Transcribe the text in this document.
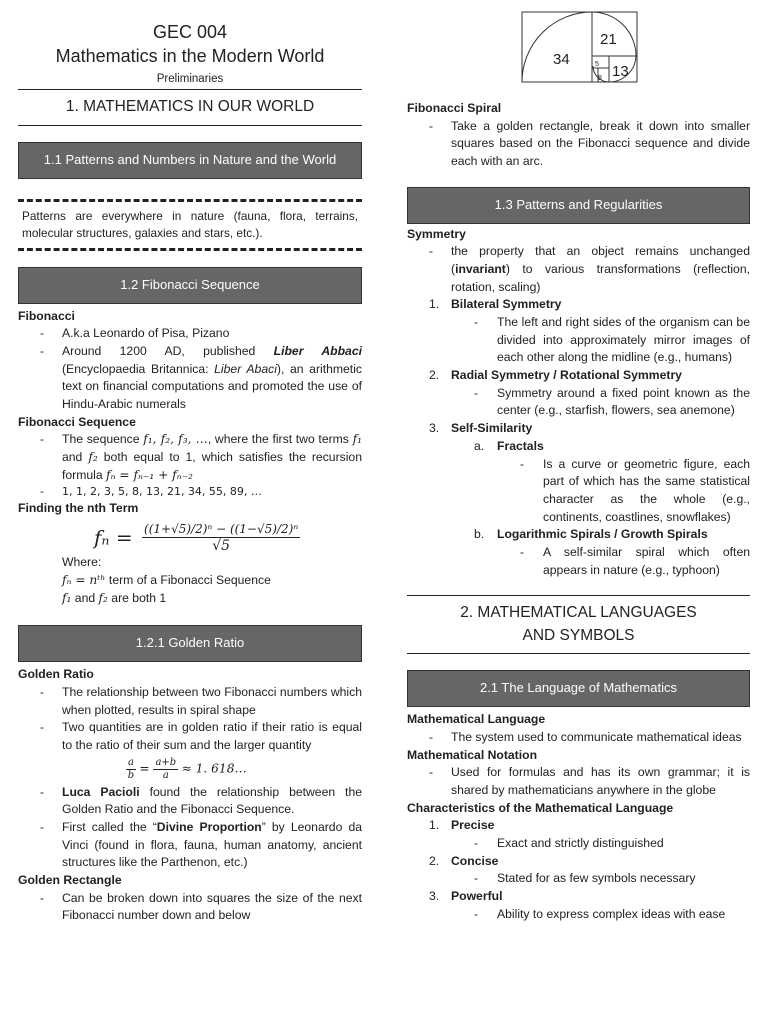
GEC 004
Mathematics in the Modern World
Preliminaries
1. MATHEMATICS IN OUR WORLD
1.1 Patterns and Numbers in Nature and the World
Patterns are everywhere in nature (fauna, flora, terrains, molecular structures, galaxies and stars, etc.).
1.2 Fibonacci Sequence
Fibonacci
- A.k.a Leonardo of Pisa, Pizano
- Around 1200 AD, published Liber Abbaci (Encyclopaedia Britannica: Liber Abaci), an arithmetic text on financial computations and promoted the use of Hindu-Arabic numerals
Fibonacci Sequence
- The sequence f₁, f₂, f₃, …, where the first two terms f₁ and f₂ both equal to 1, which satisfies the recursion formula fₙ = fₙ₋₁ + fₙ₋₂
- 1, 1, 2, 3, 5, 8, 13, 21, 34, 55, 89, …
Finding the nth Term
$f_n = \frac{\text{((1+√5)/2)ⁿ − ((1−√5)/2)ⁿ}}{√5}$
Where:
fₙ = nᵗʰ term of a Fibonacci Sequence
f₁ and f₂ are both 1
1.2.1 Golden Ratio
Golden Ratio
- The relationship between two Fibonacci numbers which when plotted, results in spiral shape
- Two quantities are in golden ratio if their ratio is equal to the ratio of their sum and the larger quantity
$\frac{a}{b} = \frac{a+b}{a} \approx 1$. 618…
- Luca Pacioli found the relationship between the Golden Ratio and the Fibonacci Sequence.
- First called the “Divine Proportion” by Leonardo da Vinci (found in flora, fauna, human anatomy, ancient structures like the Parthenon, etc.)
Golden Rectangle
- Can be broken down into squares the size of the next Fibonacci number down and below
34
21
13
8
5
Fibonacci Spiral
- Take a golden rectangle, break it down into smaller squares based on the Fibonacci sequence and divide each with an arc.
1.3 Patterns and Regularities
Symmetry
- the property that an object remains unchanged (invariant) to various transformations (reflection, rotation, scaling)
1. Bilateral Symmetry
- The left and right sides of the organism can be divided into approximately mirror images of each other along the midline (e.g., humans)
2. Radial Symmetry / Rotational Symmetry
- Symmetry around a fixed point known as the center (e.g., starfish, flowers, sea anemone)
3. Self-Similarity
a. Fractals
- Is a curve or geometric figure, each part of which has the same statistical character as the whole (e.g., continents, coastlines, snowflakes)
b. Logarithmic Spirals / Growth Spirals
- A self-similar spiral which often appears in nature (e.g., typhoon)
2. MATHEMATICAL LANGUAGES AND SYMBOLS
2.1 The Language of Mathematics
Mathematical Language
- The system used to communicate mathematical ideas
Mathematical Notation
- Used for formulas and has its own grammar; it is shared by mathematicians anywhere in the globe
Characteristics of the Mathematical Language
1. Precise
- Exact and strictly distinguished
2. Concise
- Stated for as few symbols necessary
3. Powerful
- Ability to express complex ideas with ease
